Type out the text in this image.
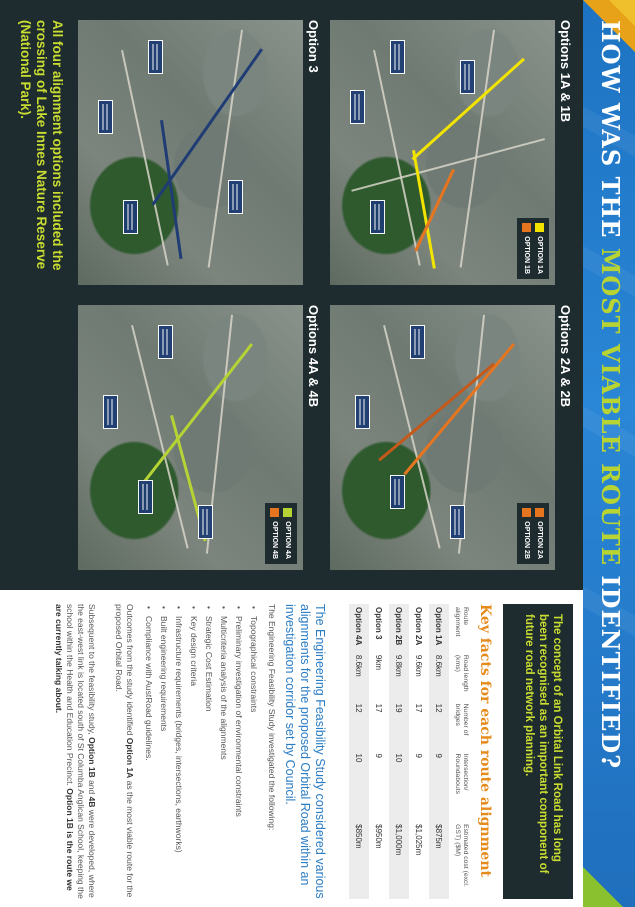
HOW WAS THE MOST VIABLE ROUTE IDENTIFIED?
Options 1A & 1B
OPTION 1A
OPTION 1B
Options 2A & 2B
OPTION 2A
OPTION 2B
Option 3
Options 4A & 4B
OPTION 4A
OPTION 4B
All four alignment options included the crossing of Lake Innes Nature Reserve (National Park).
The concept of an Orbital Link Road has long been recognised as an important component of future road network planning.
Key facts for each route alignment
Route alignment	Road length (kms)	Number of bridges	Intersection/ Roundabouts	Estimated cost (excl. GST) ($M)
Option 1A	8.6km	12	9	$875m
Option 2A	9.6km	17	9	$1,025m
Option 2B	9.8km	19	10	$1,000m
Option 3	9km	17	9	$950m
Option 4A	8.6km	12	10	$850m
The Engineering Feasibility Study considered various alignments for the proposed Orbital Road within an investigation corridor set by Council.
The Engineering Feasibility Study investigated the following:
• Topographical constraints
• Preliminary investigation of environmental constraints
• Multicriteria analysis of the alignments
• Strategic Cost Estimation
• Key design criteria
• Infrastructure requirements (bridges, intersections, earthworks)
• Built engineering requirements
• Compliance with AustRoad guidelines.
Outcomes from the study identified Option 1A as the most viable route for the proposed Orbital Road.
Subsequent to the feasibility study, Option 1B and 4B were developed, where the east-west link is located south of St Columba Anglican School, keeping the school within the Health and Education Precinct. Option 1B is the route we are currently talking about.
